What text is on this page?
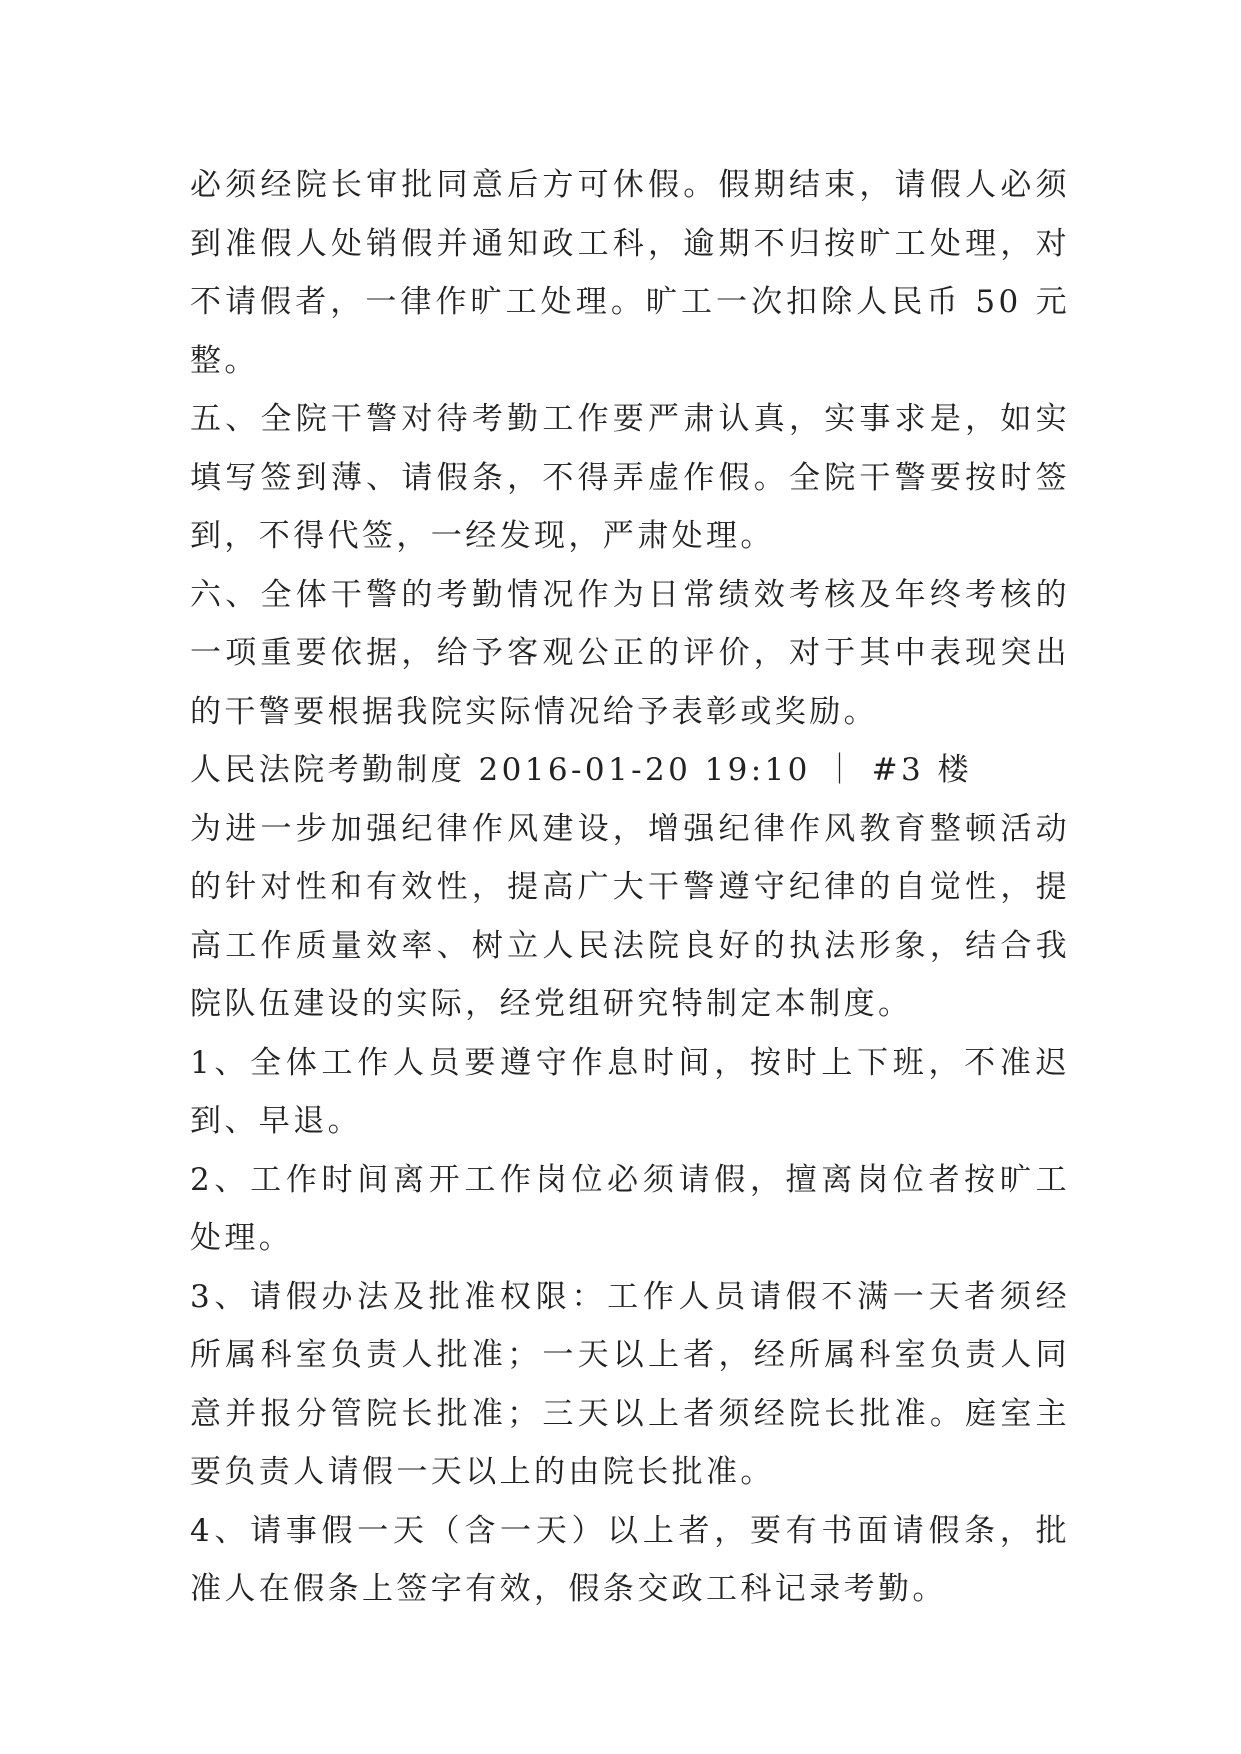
必须经院长审批同意后方可休假。假期结束，请假人必须到准假人处销假并通知政工科，逾期不归按旷工处理，对不请假者，一律作旷工处理。旷工一次扣除人民币 50 元整。

五、全院干警对待考勤工作要严肃认真，实事求是，如实填写签到薄、请假条，不得弄虚作假。全院干警要按时签到，不得代签，一经发现，严肃处理。

六、全体干警的考勤情况作为日常绩效考核及年终考核的一项重要依据，给予客观公正的评价，对于其中表现突出的干警要根据我院实际情况给予表彰或奖励。

人民法院考勤制度 2016-01-20 19:10 ｜ #3 楼

为进一步加强纪律作风建设，增强纪律作风教育整顿活动的针对性和有效性，提高广大干警遵守纪律的自觉性，提高工作质量效率、树立人民法院良好的执法形象，结合我院队伍建设的实际，经党组研究特制定本制度。

1、全体工作人员要遵守作息时间，按时上下班，不准迟到、早退。

2、工作时间离开工作岗位必须请假，擅离岗位者按旷工处理。

3、请假办法及批准权限：工作人员请假不满一天者须经所属科室负责人批准；一天以上者，经所属科室负责人同意并报分管院长批准；三天以上者须经院长批准。庭室主要负责人请假一天以上的由院长批准。

4、请事假一天（含一天）以上者，要有书面请假条，批准人在假条上签字有效，假条交政工科记录考勤。
